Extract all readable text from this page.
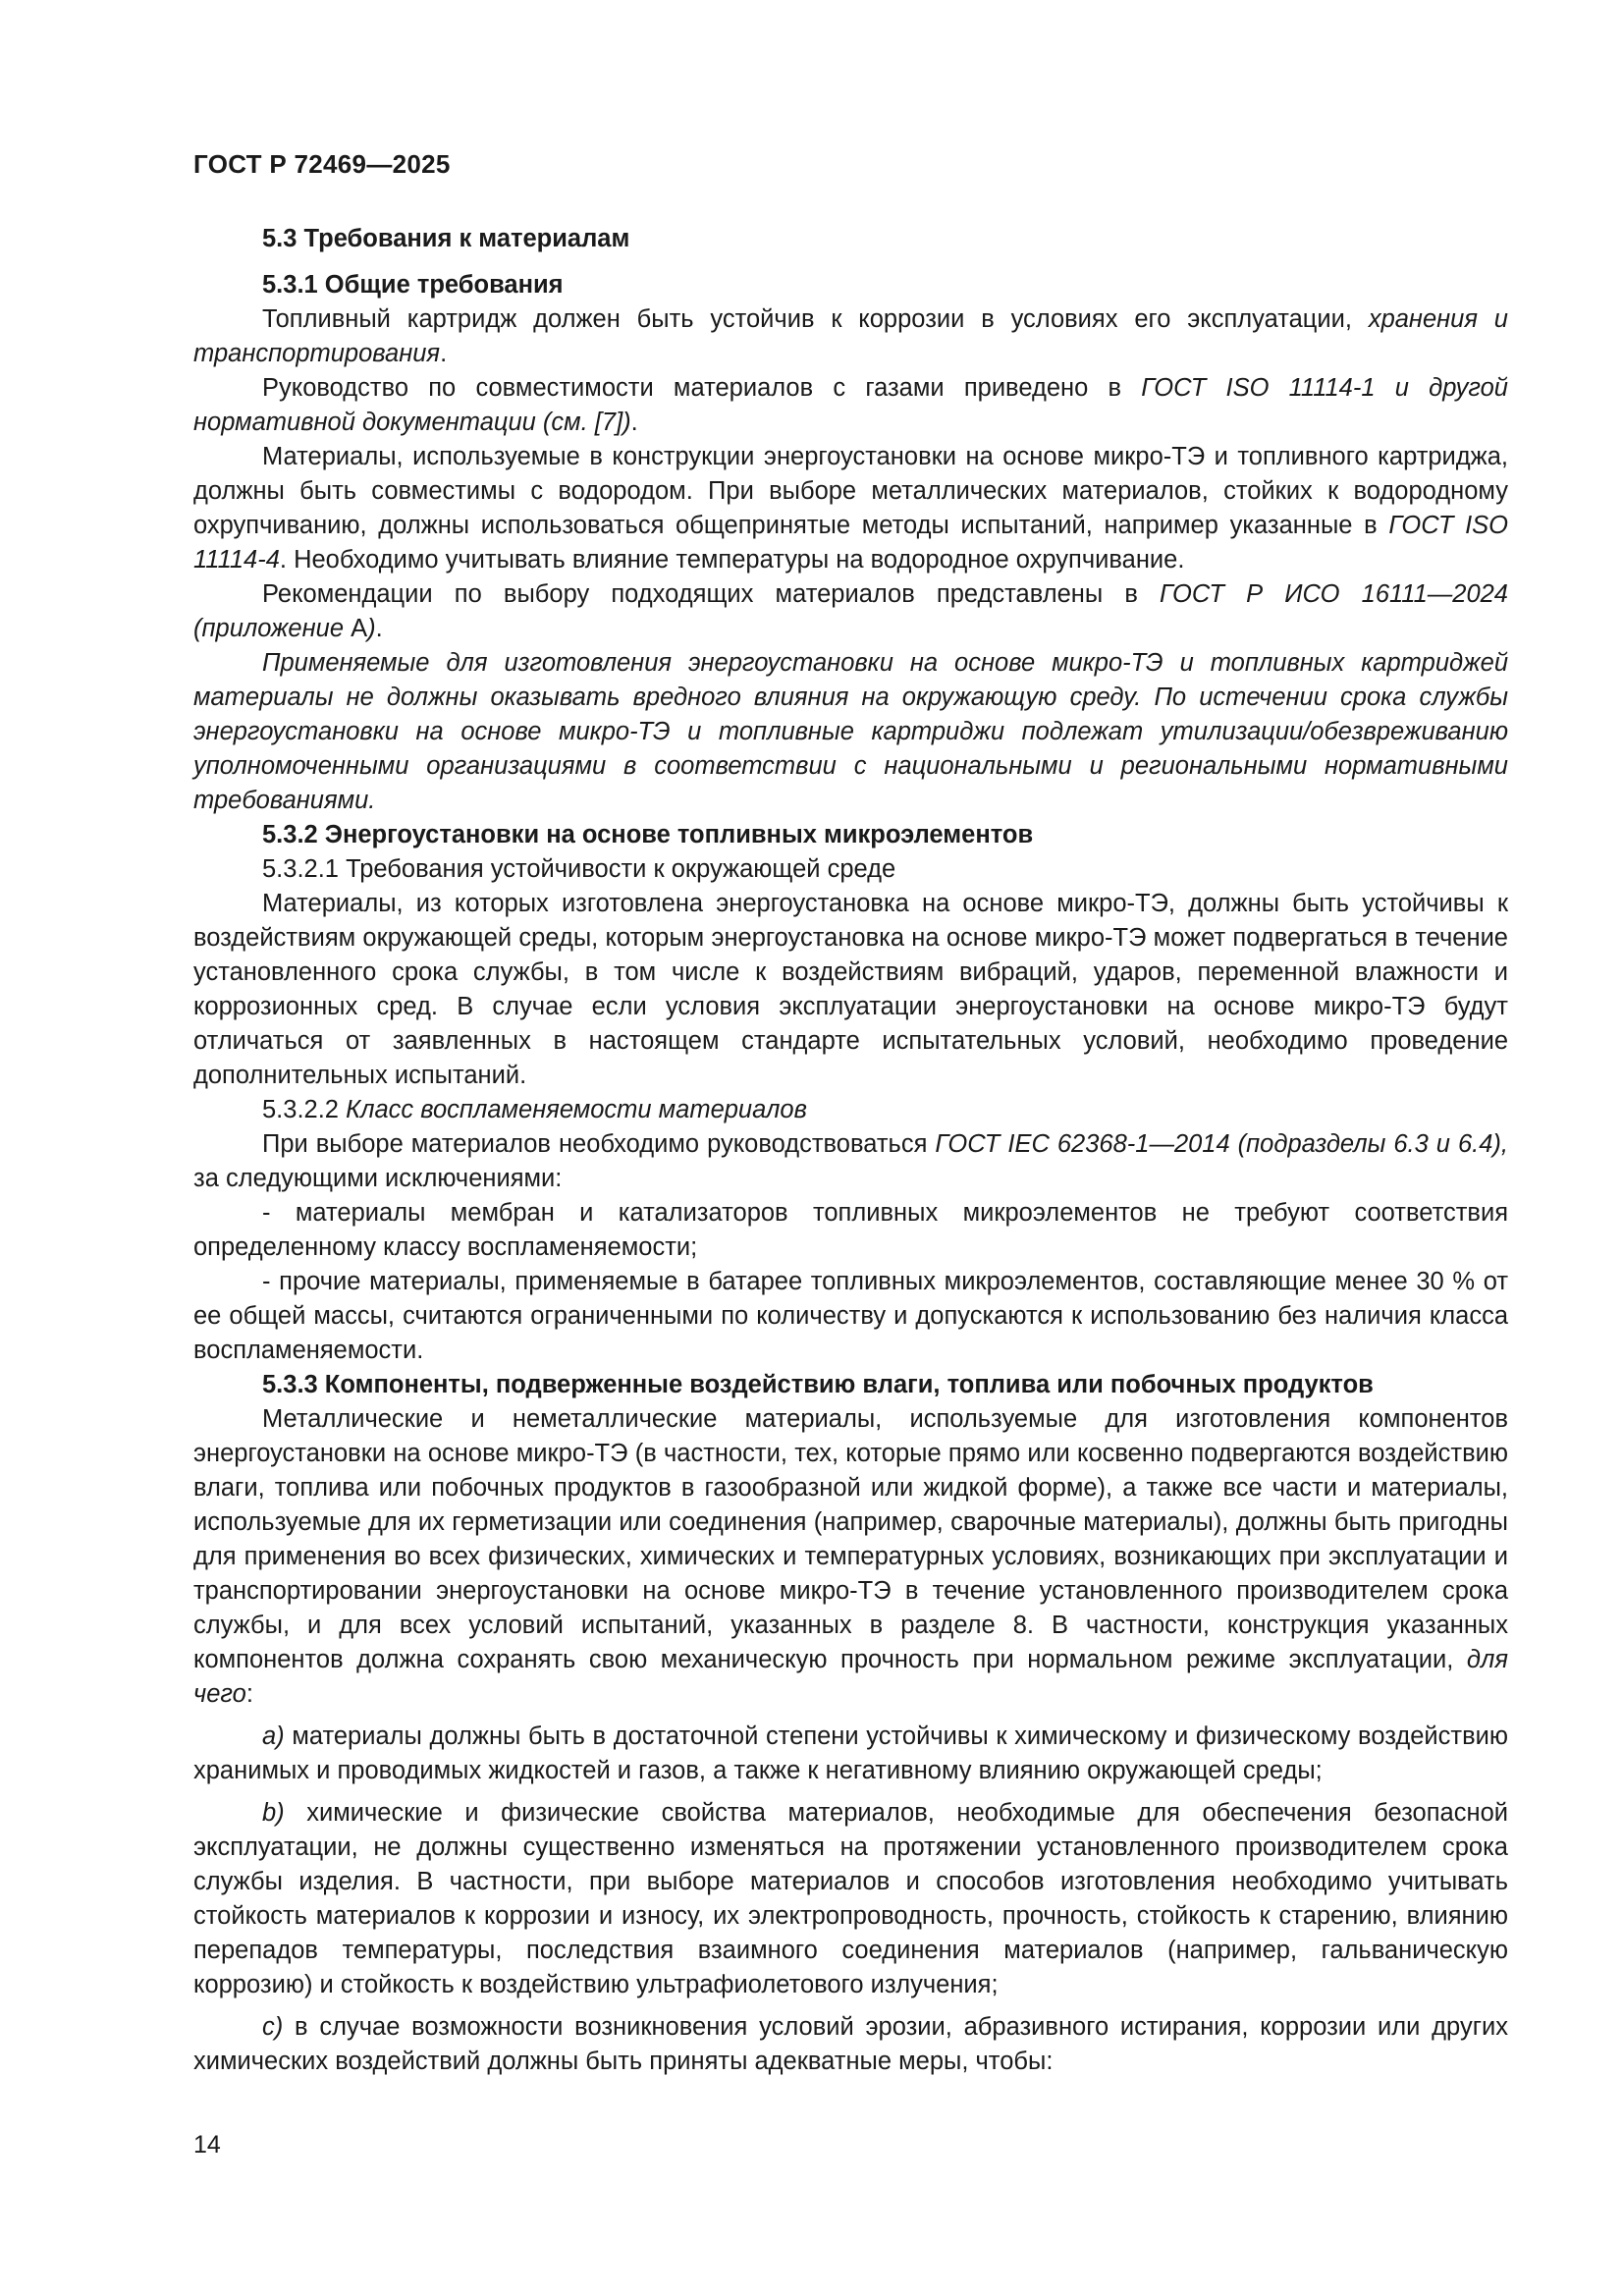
ГОСТ Р 72469—2025

5.3 Требования к материалам

5.3.1 Общие требования

Топливный картридж должен быть устойчив к коррозии в условиях его эксплуатации, хранения и транспортирования.

Руководство по совместимости материалов с газами приведено в ГОСТ ISO 11114-1 и другой нормативной документации (см. [7]).

Материалы, используемые в конструкции энергоустановки на основе микро-ТЭ и топливного картриджа, должны быть совместимы с водородом. При выборе металлических материалов, стойких к водородному охрупчиванию, должны использоваться общепринятые методы испытаний, например указанные в ГОСТ ISO 11114-4. Необходимо учитывать влияние температуры на водородное охрупчивание.

Рекомендации по выбору подходящих материалов представлены в ГОСТ Р ИСО 16111—2024 (приложение А).

Применяемые для изготовления энергоустановки на основе микро-ТЭ и топливных картриджей материалы не должны оказывать вредного влияния на окружающую среду. По истечении срока службы энергоустановки на основе микро-ТЭ и топливные картриджи подлежат утилизации/обезвреживанию уполномоченными организациями в соответствии с национальными и региональными нормативными требованиями.

5.3.2 Энергоустановки на основе топливных микроэлементов

5.3.2.1 Требования устойчивости к окружающей среде

Материалы, из которых изготовлена энергоустановка на основе микро-ТЭ, должны быть устойчивы к воздействиям окружающей среды, которым энергоустановка на основе микро-ТЭ может подвергаться в течение установленного срока службы, в том числе к воздействиям вибраций, ударов, переменной влажности и коррозионных сред. В случае если условия эксплуатации энергоустановки на основе микро-ТЭ будут отличаться от заявленных в настоящем стандарте испытательных условий, необходимо проведение дополнительных испытаний.

5.3.2.2 Класс воспламеняемости материалов

При выборе материалов необходимо руководствоваться ГОСТ IEC 62368-1—2014 (подразделы 6.3 и 6.4), за следующими исключениями:

- материалы мембран и катализаторов топливных микроэлементов не требуют соответствия определенному классу воспламеняемости;

- прочие материалы, применяемые в батарее топливных микроэлементов, составляющие менее 30 % от ее общей массы, считаются ограниченными по количеству и допускаются к использованию без наличия класса воспламеняемости.

5.3.3 Компоненты, подверженные воздействию влаги, топлива или побочных продуктов

Металлические и неметаллические материалы, используемые для изготовления компонентов энергоустановки на основе микро-ТЭ (в частности, тех, которые прямо или косвенно подвергаются воздействию влаги, топлива или побочных продуктов в газообразной или жидкой форме), а также все части и материалы, используемые для их герметизации или соединения (например, сварочные материалы), должны быть пригодны для применения во всех физических, химических и температурных условиях, возникающих при эксплуатации и транспортировании энергоустановки на основе микро-ТЭ в течение установленного производителем срока службы, и для всех условий испытаний, указанных в разделе 8. В частности, конструкция указанных компонентов должна сохранять свою механическую прочность при нормальном режиме эксплуатации, для чего:

а) материалы должны быть в достаточной степени устойчивы к химическому и физическому воздействию хранимых и проводимых жидкостей и газов, а также к негативному влиянию окружающей среды;

b) химические и физические свойства материалов, необходимые для обеспечения безопасной эксплуатации, не должны существенно изменяться на протяжении установленного производителем срока службы изделия. В частности, при выборе материалов и способов изготовления необходимо учитывать стойкость материалов к коррозии и износу, их электропроводность, прочность, стойкость к старению, влиянию перепадов температуры, последствия взаимного соединения материалов (например, гальваническую коррозию) и стойкость к воздействию ультрафиолетового излучения;

с) в случае возможности возникновения условий эрозии, абразивного истирания, коррозии или других химических воздействий должны быть приняты адекватные меры, чтобы:

14
